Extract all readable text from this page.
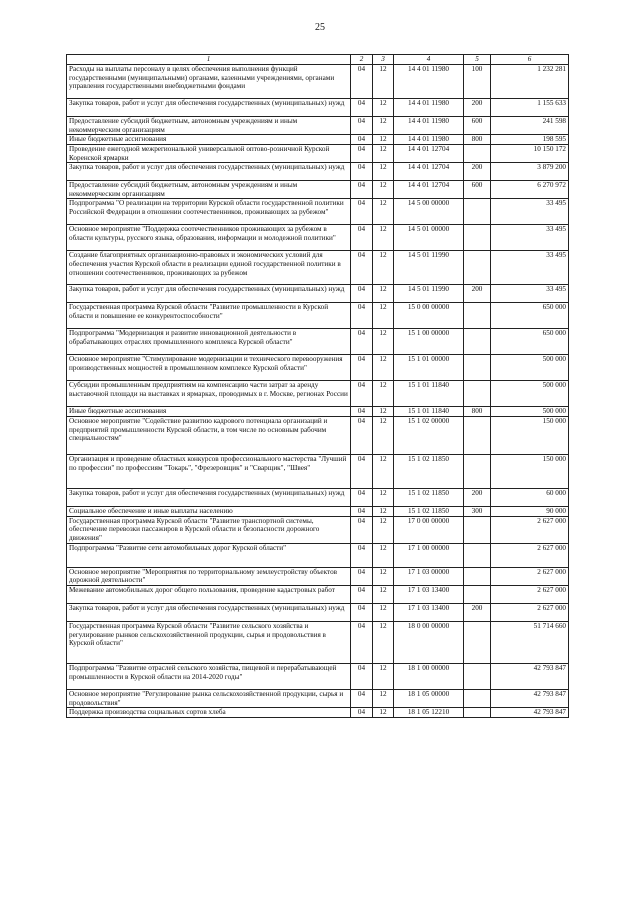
25
1	2	3	4	5	6
Расходы на выплаты персоналу в целях обеспечения выполнения функций государственными (муниципальными) органами, казенными учреждениями, органами управления государственными внебюджетными фондами	04	12	14 4 01 11980	100	1 232 281
Закупка товаров, работ и услуг для обеспечения государственных (муниципальных) нужд	04	12	14 4 01 11980	200	1 155 633
Предоставление субсидий бюджетным, автономным учреждениям и иным некоммерческим организациям	04	12	14 4 01 11980	600	241 598
Иные бюджетные ассигнования	04	12	14 4 01 11980	800	198 595
Проведение ежегодной межрегиональной универсальной оптово-розничной Курской Коренской ярмарки	04	12	14 4 01 12704		10 150 172
Закупка товаров, работ и услуг для обеспечения государственных (муниципальных) нужд	04	12	14 4 01 12704	200	3 879 200
Предоставление субсидий бюджетным, автономным учреждениям и иным некоммерческим организациям	04	12	14 4 01 12704	600	6 270 972
Подпрограмма "О реализации на территории Курской области государственной политики Российской Федерации в отношении соотечественников, проживающих за рубежом"	04	12	14 5 00 00000		33 495
Основное мероприятие "Поддержка соотечественников проживающих за рубежом в области культуры, русского языка, образования, информации и молодежной политики"	04	12	14 5 01 00000		33 495
Создание благоприятных организационно-правовых и экономических условий для обеспечения участия Курской области в реализации единой государственной политики в отношении соотечественников, проживающих за рубежом	04	12	14 5 01 11990		33 495
Закупка товаров, работ и услуг для обеспечения государственных (муниципальных) нужд	04	12	14 5 01 11990	200	33 495
Государственная программа Курской области "Развитие промышленности в Курской области и повышение ее конкурентоспособности"	04	12	15 0 00 00000		650 000
Подпрограмма "Модернизация и развитие инновационной деятельности в обрабатывающих отраслях промышленного комплекса Курской области"	04	12	15 1 00 00000		650 000
Основное мероприятие "Стимулирование модернизации и технического перевооружения производственных мощностей в промышленном комплексе Курской области"	04	12	15 1 01 00000		500 000
Субсидии промышленным предприятиям на компенсацию части затрат за аренду выставочной площади на выставках и ярмарках, проводимых в г. Москве, регионах России	04	12	15 1 01 11840		500 000
Иные бюджетные ассигнования	04	12	15 1 01 11840	800	500 000
Основное мероприятие "Содействие развитию кадрового потенциала организаций и предприятий промышленности Курской области, в том числе по основным рабочим специальностям"	04	12	15 1 02 00000		150 000
Организация и проведение областных конкурсов профессионального мастерства "Лучший по профессии" по профессиям "Токарь", "Фрезеровщик" и "Сварщик", "Швея"	04	12	15 1 02 11850		150 000
Закупка товаров, работ и услуг для обеспечения государственных (муниципальных) нужд	04	12	15 1 02 11850	200	60 000
Социальное обеспечение и иные выплаты населению	04	12	15 1 02 11850	300	90 000
Государственная программа Курской области "Развитие транспортной системы, обеспечение перевозки пассажиров в Курской области и безопасности дорожного движения"	04	12	17 0 00 00000		2 627 000
Подпрограмма "Развитие сети автомобильных дорог Курской области"	04	12	17 1 00 00000		2 627 000
Основное мероприятие "Мероприятия по территориальному землеустройству объектов дорожной деятельности"	04	12	17 1 03 00000		2 627 000
Межевание автомобильных дорог общего пользования, проведение кадастровых работ	04	12	17 1 03 13400		2 627 000
Закупка товаров, работ и услуг для обеспечения государственных (муниципальных) нужд	04	12	17 1 03 13400	200	2 627 000
Государственная программа Курской области "Развитие сельского хозяйства и регулирование рынков сельскохозяйственной продукции, сырья и продовольствия в Курской области"	04	12	18 0 00 00000		51 714 660
Подпрограмма "Развитие отраслей сельского хозяйства, пищевой и перерабатывающей промышленности в Курской области на 2014-2020 годы"	04	12	18 1 00 00000		42 793 847
Основное мероприятие "Регулирование рынка сельскохозяйственной продукции, сырья и продовольствия"	04	12	18 1 05 00000		42 793 847
Поддержка производства социальных сортов хлеба	04	12	18 1 05 12210		42 793 847
